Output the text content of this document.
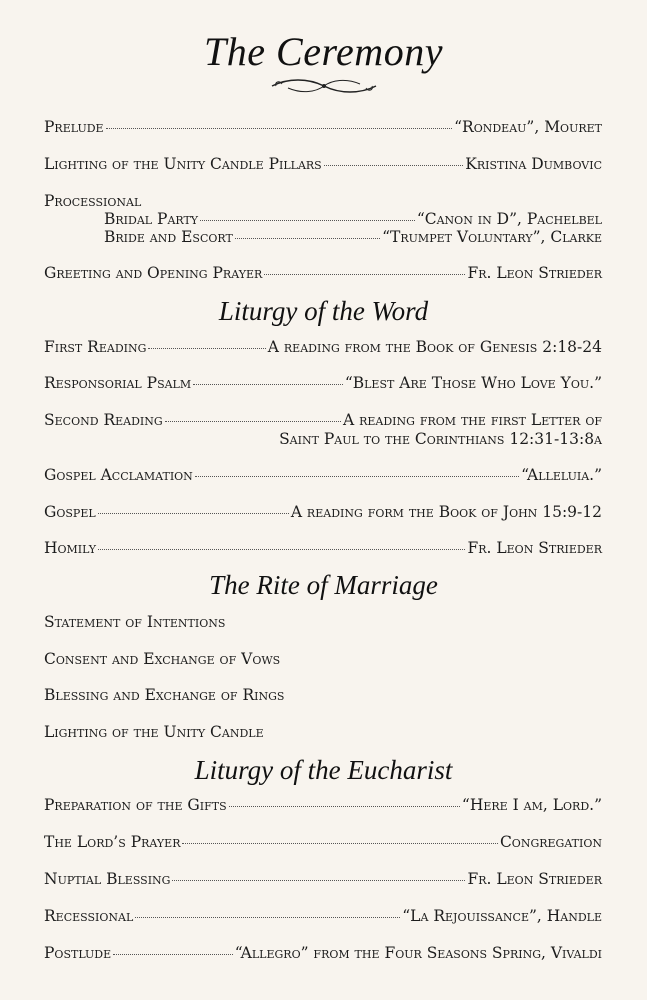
The Ceremony
Prelude	“Rondeau”, Mouret
Lighting of the Unity Candle Pillars	Kristina Dumbovic
Processional
Bridal Party	“Canon in D”, Pachelbel
Bride and Escort	“Trumpet Voluntary”, Clarke
Greeting and Opening Prayer	Fr. Leon Strieder
Liturgy of the Word
First Reading	A reading from the Book of Genesis 2:18-24
Responsorial Psalm	“Blest Are Those Who Love You.”
Second Reading	A reading from the first Letter of
Saint Paul to the Corinthians 12:31-13:8a
Gospel Acclamation	“Alleluia.”
Gospel	A reading form the Book of John 15:9-12
Homily	Fr. Leon Strieder
The Rite of Marriage
Statement of Intentions
Consent and Exchange of Vows
Blessing and Exchange of Rings
Lighting of the Unity Candle
Liturgy of the Eucharist
Preparation of the Gifts	“Here I am, Lord.”
The Lord’s Prayer	Congregation
Nuptial Blessing	Fr. Leon Strieder
Recessional	“La Rejouissance”, Handle
Postlude	“Allegro” from the Four Seasons Spring, Vivaldi
